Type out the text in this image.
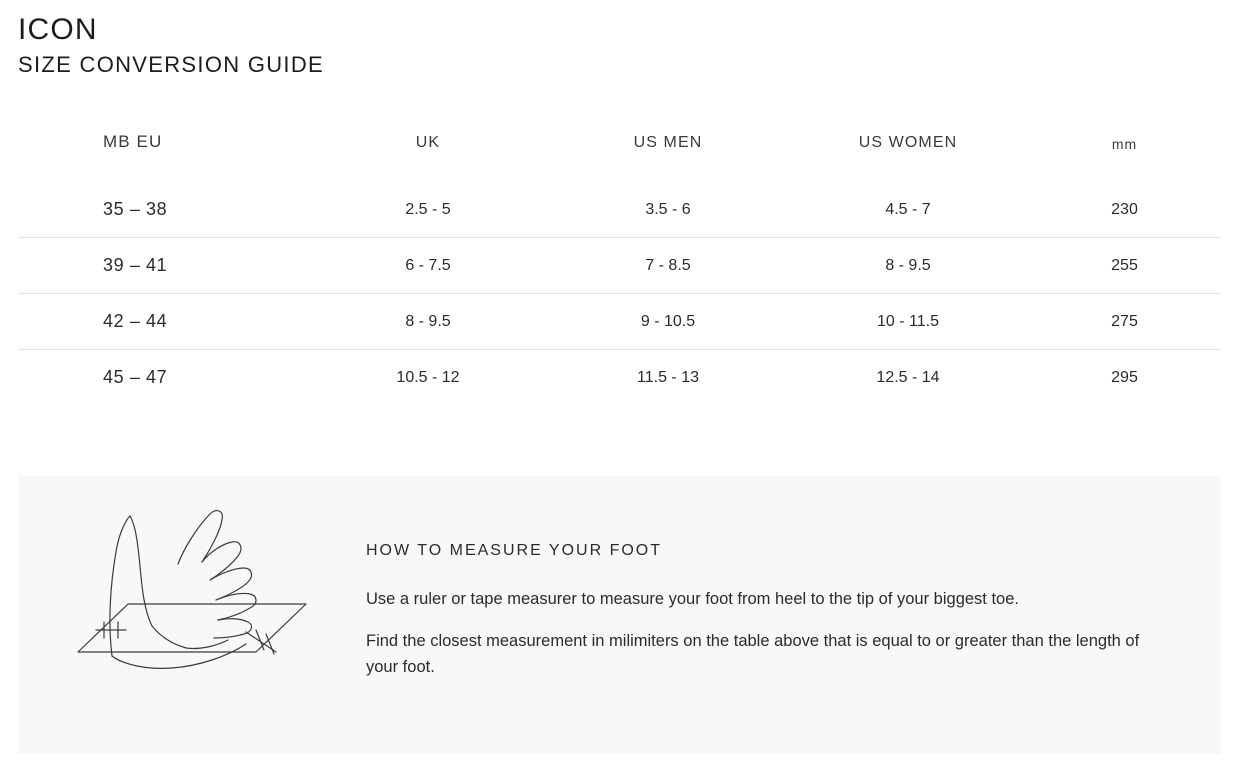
ICON
SIZE CONVERSION GUIDE
MB EU	UK	US MEN	US WOMEN	mm
35 – 38	2.5 - 5	3.5 - 6	4.5 - 7	230
39 – 41	6 - 7.5	7 - 8.5	8 - 9.5	255
42 – 44	8 - 9.5	9 - 10.5	10 - 11.5	275
45 – 47	10.5 - 12	11.5 - 13	12.5 - 14	295
HOW TO MEASURE YOUR FOOT

Use a ruler or tape measurer to measure your foot from heel to the tip of your biggest toe.

Find the closest measurement in milimiters on the table above that is equal to or greater than the length of your foot.
